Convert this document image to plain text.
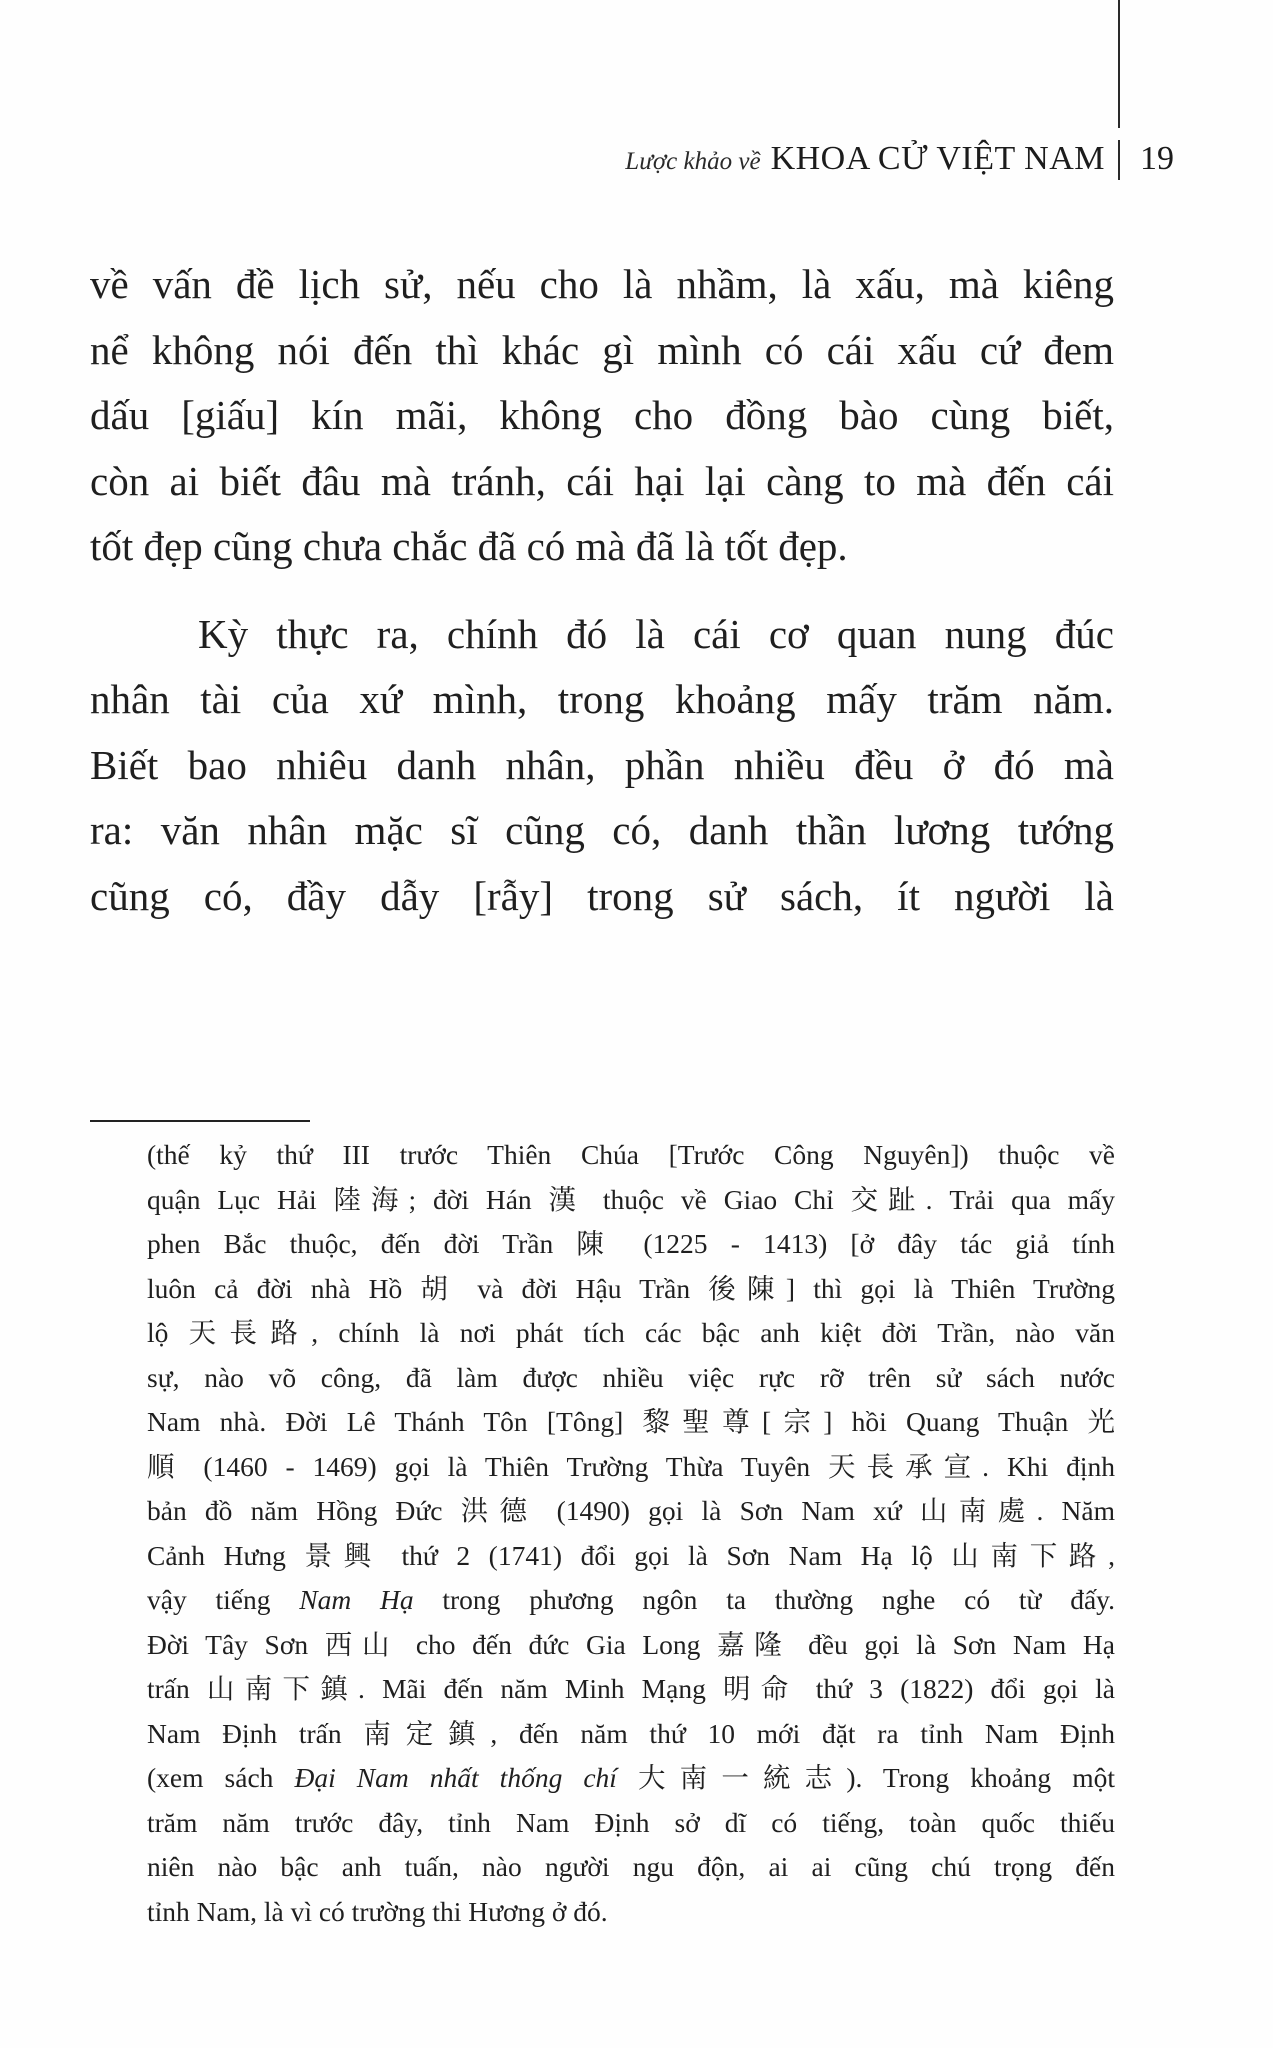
Lược khảo về KHOA CỬ VIỆT NAM 19
về vấn đề lịch sử, nếu cho là nhầm, là xấu, mà kiêng
nể không nói đến thì khác gì mình có cái xấu cứ đem
dấu [giấu] kín mãi, không cho đồng bào cùng biết,
còn ai biết đâu mà tránh, cái hại lại càng to mà đến cái
tốt đẹp cũng chưa chắc đã có mà đã là tốt đẹp.
Kỳ thực ra, chính đó là cái cơ quan nung đúc
nhân tài của xứ mình, trong khoảng mấy trăm năm.
Biết bao nhiêu danh nhân, phần nhiều đều ở đó mà
ra: văn nhân mặc sĩ cũng có, danh thần lương tướng
cũng có, đầy dẫy [rẫy] trong sử sách, ít người là
(thế kỷ thứ III trước Thiên Chúa [Trước Công Nguyên]) thuộc về
quận Lục Hải 陸海; đời Hán 漢 thuộc về Giao Chỉ 交趾. Trải qua mấy
phen Bắc thuộc, đến đời Trần 陳 (1225 - 1413) [ở đây tác giả tính
luôn cả đời nhà Hồ 胡 và đời Hậu Trần 後陳] thì gọi là Thiên Trường
lộ 天長路, chính là nơi phát tích các bậc anh kiệt đời Trần, nào văn
sự, nào võ công, đã làm được nhiều việc rực rỡ trên sử sách nước
Nam nhà. Đời Lê Thánh Tôn [Tông] 黎聖尊[宗] hồi Quang Thuận 光
順 (1460 - 1469) gọi là Thiên Trường Thừa Tuyên 天長承宣. Khi định
bản đồ năm Hồng Đức 洪德 (1490) gọi là Sơn Nam xứ 山南處. Năm
Cảnh Hưng 景興 thứ 2 (1741) đổi gọi là Sơn Nam Hạ lộ 山南下路,
vậy tiếng Nam Hạ trong phương ngôn ta thường nghe có từ đấy.
Đời Tây Sơn 西山 cho đến đức Gia Long 嘉隆 đều gọi là Sơn Nam Hạ
trấn 山南下鎮. Mãi đến năm Minh Mạng 明命 thứ 3 (1822) đổi gọi là
Nam Định trấn 南定鎮, đến năm thứ 10 mới đặt ra tỉnh Nam Định
(xem sách Đại Nam nhất thống chí 大南一統志). Trong khoảng một
trăm năm trước đây, tỉnh Nam Định sở dĩ có tiếng, toàn quốc thiếu
niên nào bậc anh tuấn, nào người ngu độn, ai ai cũng chú trọng đến
tỉnh Nam, là vì có trường thi Hương ở đó.
